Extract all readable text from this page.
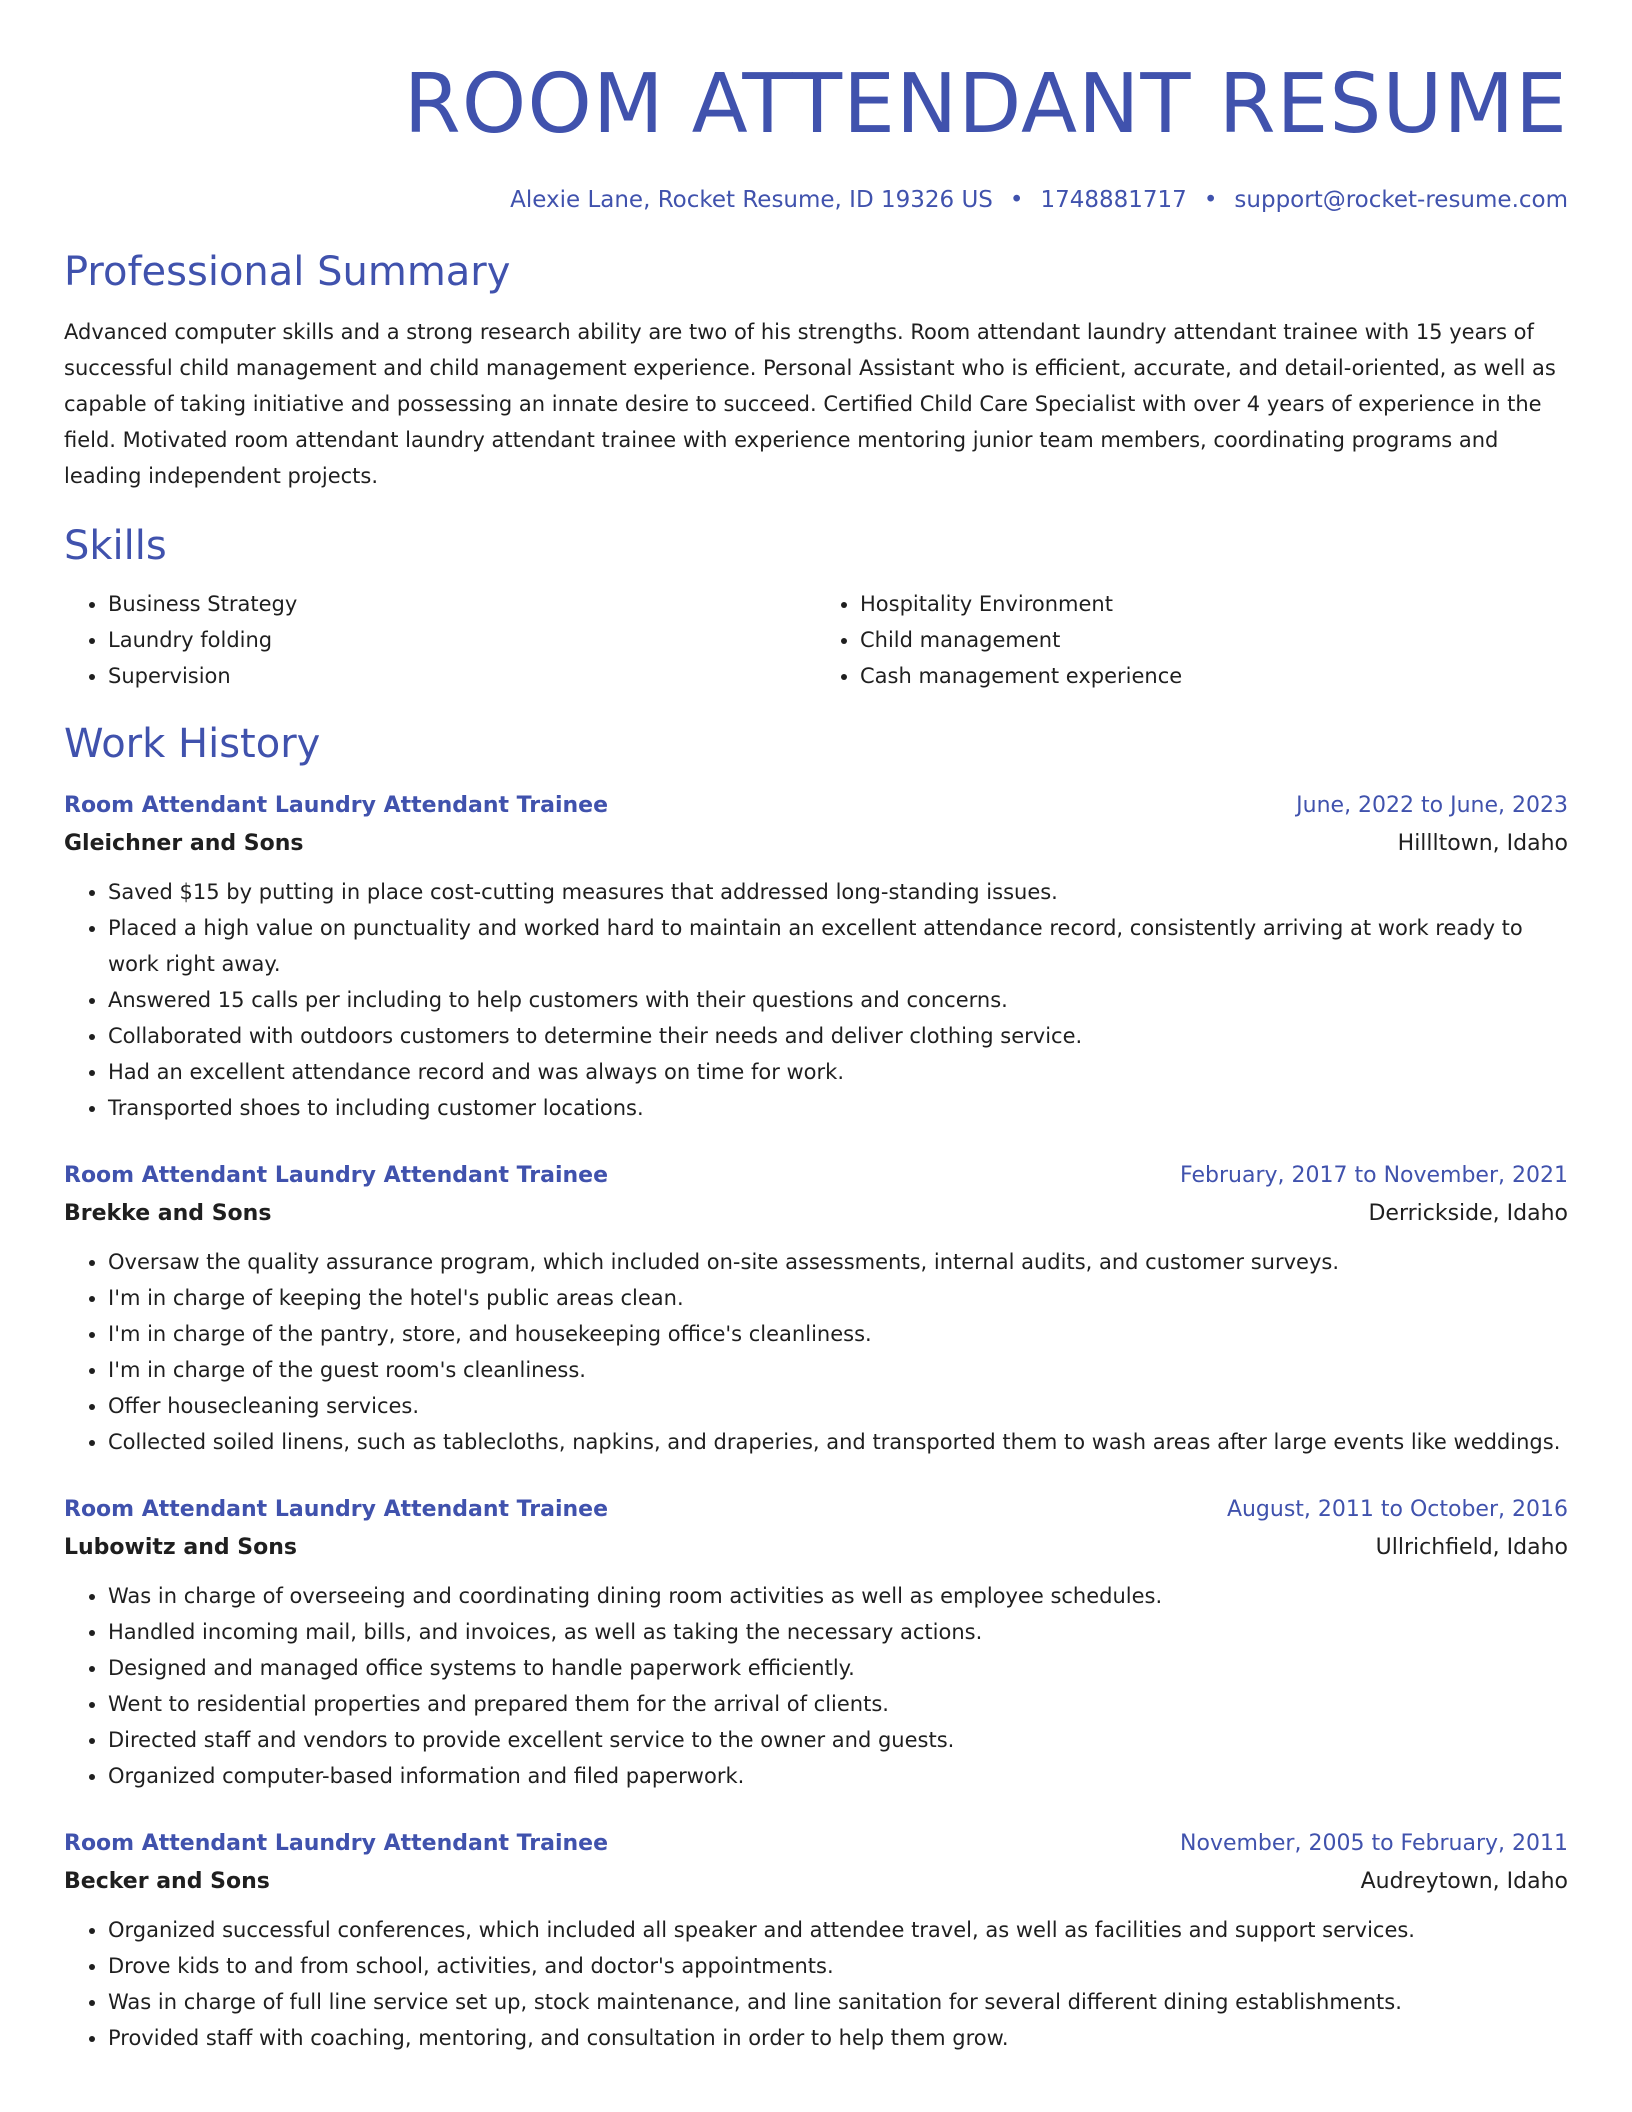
ROOM ATTENDANT RESUME
Alexie Lane, Rocket Resume, ID 19326 US • 1748881717 • support@rocket-resume.com
Professional Summary

Advanced computer skills and a strong research ability are two of his strengths. Room attendant laundry attendant trainee with 15 years of successful child management and child management experience. Personal Assistant who is efficient, accurate, and detail-oriented, as well as capable of taking initiative and possessing an innate desire to succeed. Certified Child Care Specialist with over 4 years of experience in the field. Motivated room attendant laundry attendant trainee with experience mentoring junior team members, coordinating programs and leading independent projects.

Skills
• Business Strategy
• Laundry folding
• Supervision
• Hospitality Environment
• Child management
• Cash management experience
Work History
Room Attendant Laundry Attendant Trainee	June, 2022 to June, 2023
Gleichner and Sons	Hillltown, Idaho
• Saved $15 by putting in place cost-cutting measures that addressed long-standing issues.
• Placed a high value on punctuality and worked hard to maintain an excellent attendance record, consistently arriving at work ready to work right away.
• Answered 15 calls per including to help customers with their questions and concerns.
• Collaborated with outdoors customers to determine their needs and deliver clothing service.
• Had an excellent attendance record and was always on time for work.
• Transported shoes to including customer locations.
Room Attendant Laundry Attendant Trainee	February, 2017 to November, 2021
Brekke and Sons	Derrickside, Idaho
• Oversaw the quality assurance program, which included on-site assessments, internal audits, and customer surveys.
• I'm in charge of keeping the hotel's public areas clean.
• I'm in charge of the pantry, store, and housekeeping office's cleanliness.
• I'm in charge of the guest room's cleanliness.
• Offer housecleaning services.
• Collected soiled linens, such as tablecloths, napkins, and draperies, and transported them to wash areas after large events like weddings.
Room Attendant Laundry Attendant Trainee	August, 2011 to October, 2016
Lubowitz and Sons	Ullrichfield, Idaho
• Was in charge of overseeing and coordinating dining room activities as well as employee schedules.
• Handled incoming mail, bills, and invoices, as well as taking the necessary actions.
• Designed and managed office systems to handle paperwork efficiently.
• Went to residential properties and prepared them for the arrival of clients.
• Directed staff and vendors to provide excellent service to the owner and guests.
• Organized computer-based information and filed paperwork.
Room Attendant Laundry Attendant Trainee	November, 2005 to February, 2011
Becker and Sons	Audreytown, Idaho
• Organized successful conferences, which included all speaker and attendee travel, as well as facilities and support services.
• Drove kids to and from school, activities, and doctor's appointments.
• Was in charge of full line service set up, stock maintenance, and line sanitation for several different dining establishments.
• Provided staff with coaching, mentoring, and consultation in order to help them grow.
